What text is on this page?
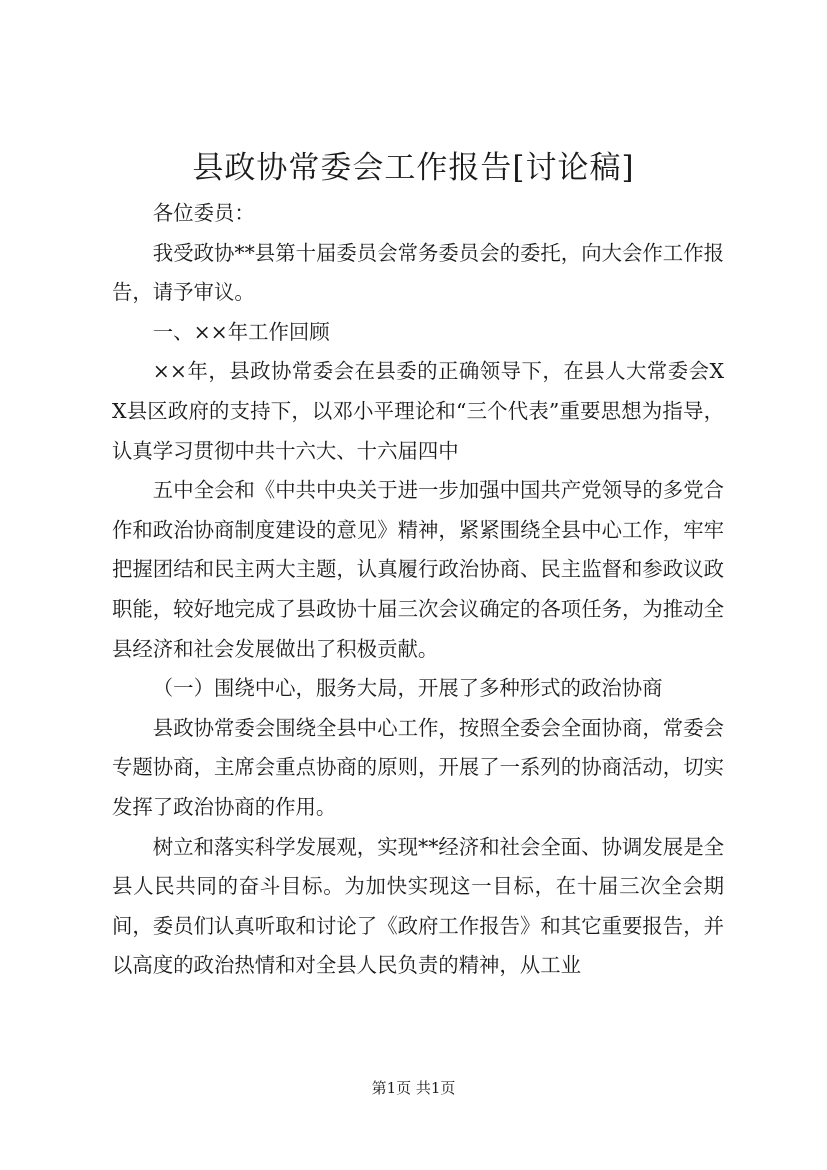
县政协常委会工作报告[讨论稿]

各位委员：

我受政协**县第十届委员会常务委员会的委托，向大会作工作报告，请予审议。

一、××年工作回顾

××年，县政协常委会在县委的正确领导下，在县人大常委会XX县区政府的支持下，以邓小平理论和“三个代表”重要思想为指导，认真学习贯彻中共十六大、十六届四中

五中全会和《中共中央关于进一步加强中国共产党领导的多党合作和政治协商制度建设的意见》精神，紧紧围绕全县中心工作，牢牢把握团结和民主两大主题，认真履行政治协商、民主监督和参政议政职能，较好地完成了县政协十届三次会议确定的各项任务，为推动全县经济和社会发展做出了积极贡献。

（一）围绕中心，服务大局，开展了多种形式的政治协商

县政协常委会围绕全县中心工作，按照全委会全面协商，常委会专题协商，主席会重点协商的原则，开展了一系列的协商活动，切实发挥了政治协商的作用。

树立和落实科学发展观，实现**经济和社会全面、协调发展是全县人民共同的奋斗目标。为加快实现这一目标，在十届三次全会期间，委员们认真听取和讨论了《政府工作报告》和其它重要报告，并以高度的政治热情和对全县人民负责的精神，从工业

第1页 共1页
